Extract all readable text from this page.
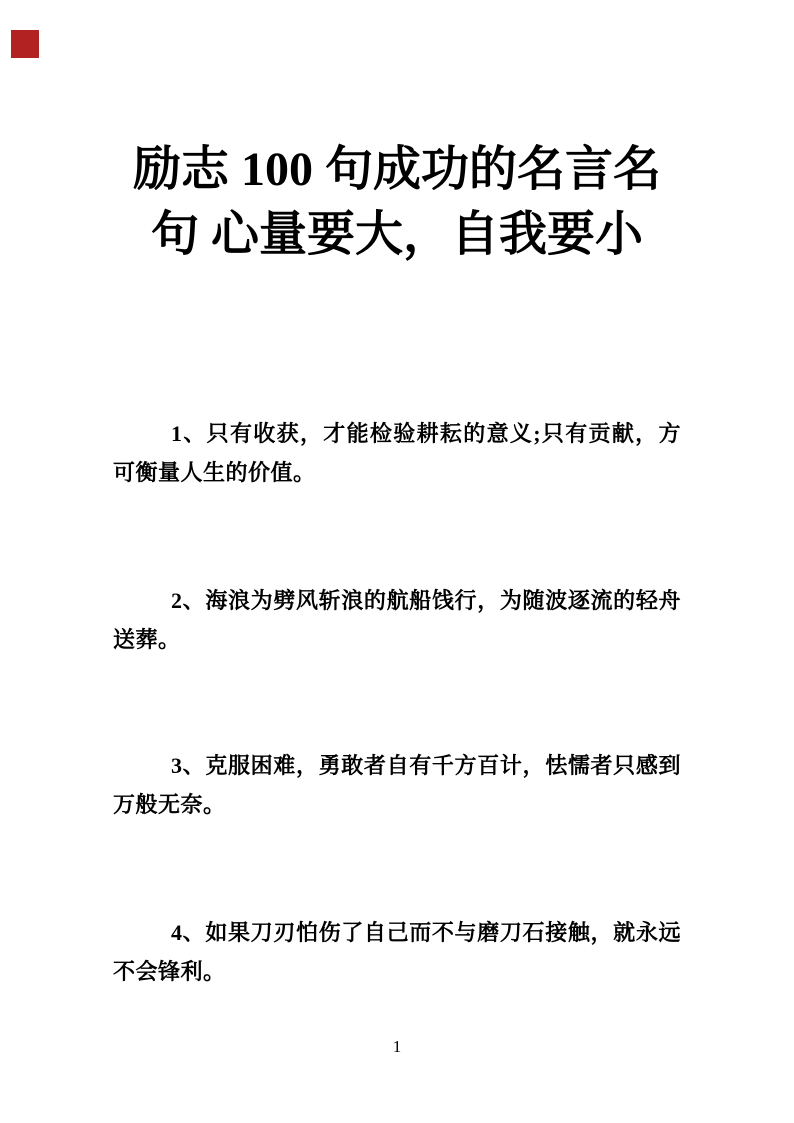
励志 100 句成功的名言名
句 心量要大，自我要小

1、只有收获，才能检验耕耘的意义;只有贡献，方可衡量人生的价值。

2、海浪为劈风斩浪的航船饯行，为随波逐流的轻舟送葬。

3、克服困难，勇敢者自有千方百计，怯懦者只感到万般无奈。

4、如果刀刃怕伤了自己而不与磨刀石接触，就永远不会锋利。

1
